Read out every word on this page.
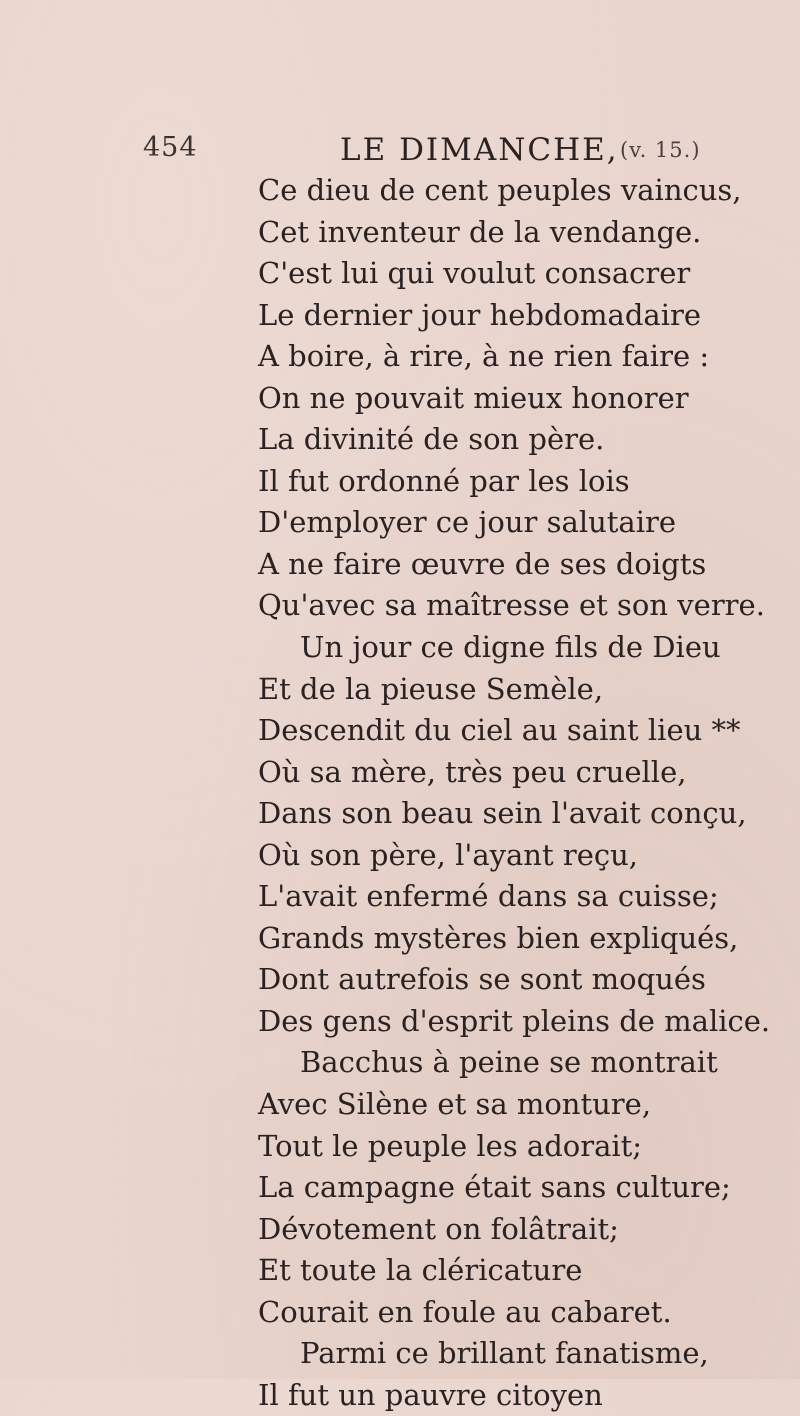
454	LE DIMANCHE, (v. 15.)
Ce dieu de cent peuples vaincus,
Cet inventeur de la vendange.
C'est lui qui voulut consacrer
Le dernier jour hebdomadaire
A boire, à rire, à ne rien faire :
On ne pouvait mieux honorer
La divinité de son père.
Il fut ordonné par les lois
D'employer ce jour salutaire
A ne faire œuvre de ses doigts
Qu'avec sa maîtresse et son verre.
Un jour ce digne fils de Dieu
Et de la pieuse Semèle,
Descendit du ciel au saint lieu **
Où sa mère, très peu cruelle,
Dans son beau sein l'avait conçu,
Où son père, l'ayant reçu,
L'avait enfermé dans sa cuisse;
Grands mystères bien expliqués,
Dont autrefois se sont moqués
Des gens d'esprit pleins de malice.
Bacchus à peine se montrait
Avec Silène et sa monture,
Tout le peuple les adorait;
La campagne était sans culture;
Dévotement on folâtrait;
Et toute la cléricature
Courait en foule au cabaret.
Parmi ce brillant fanatisme,
Il fut un pauvre citoyen
